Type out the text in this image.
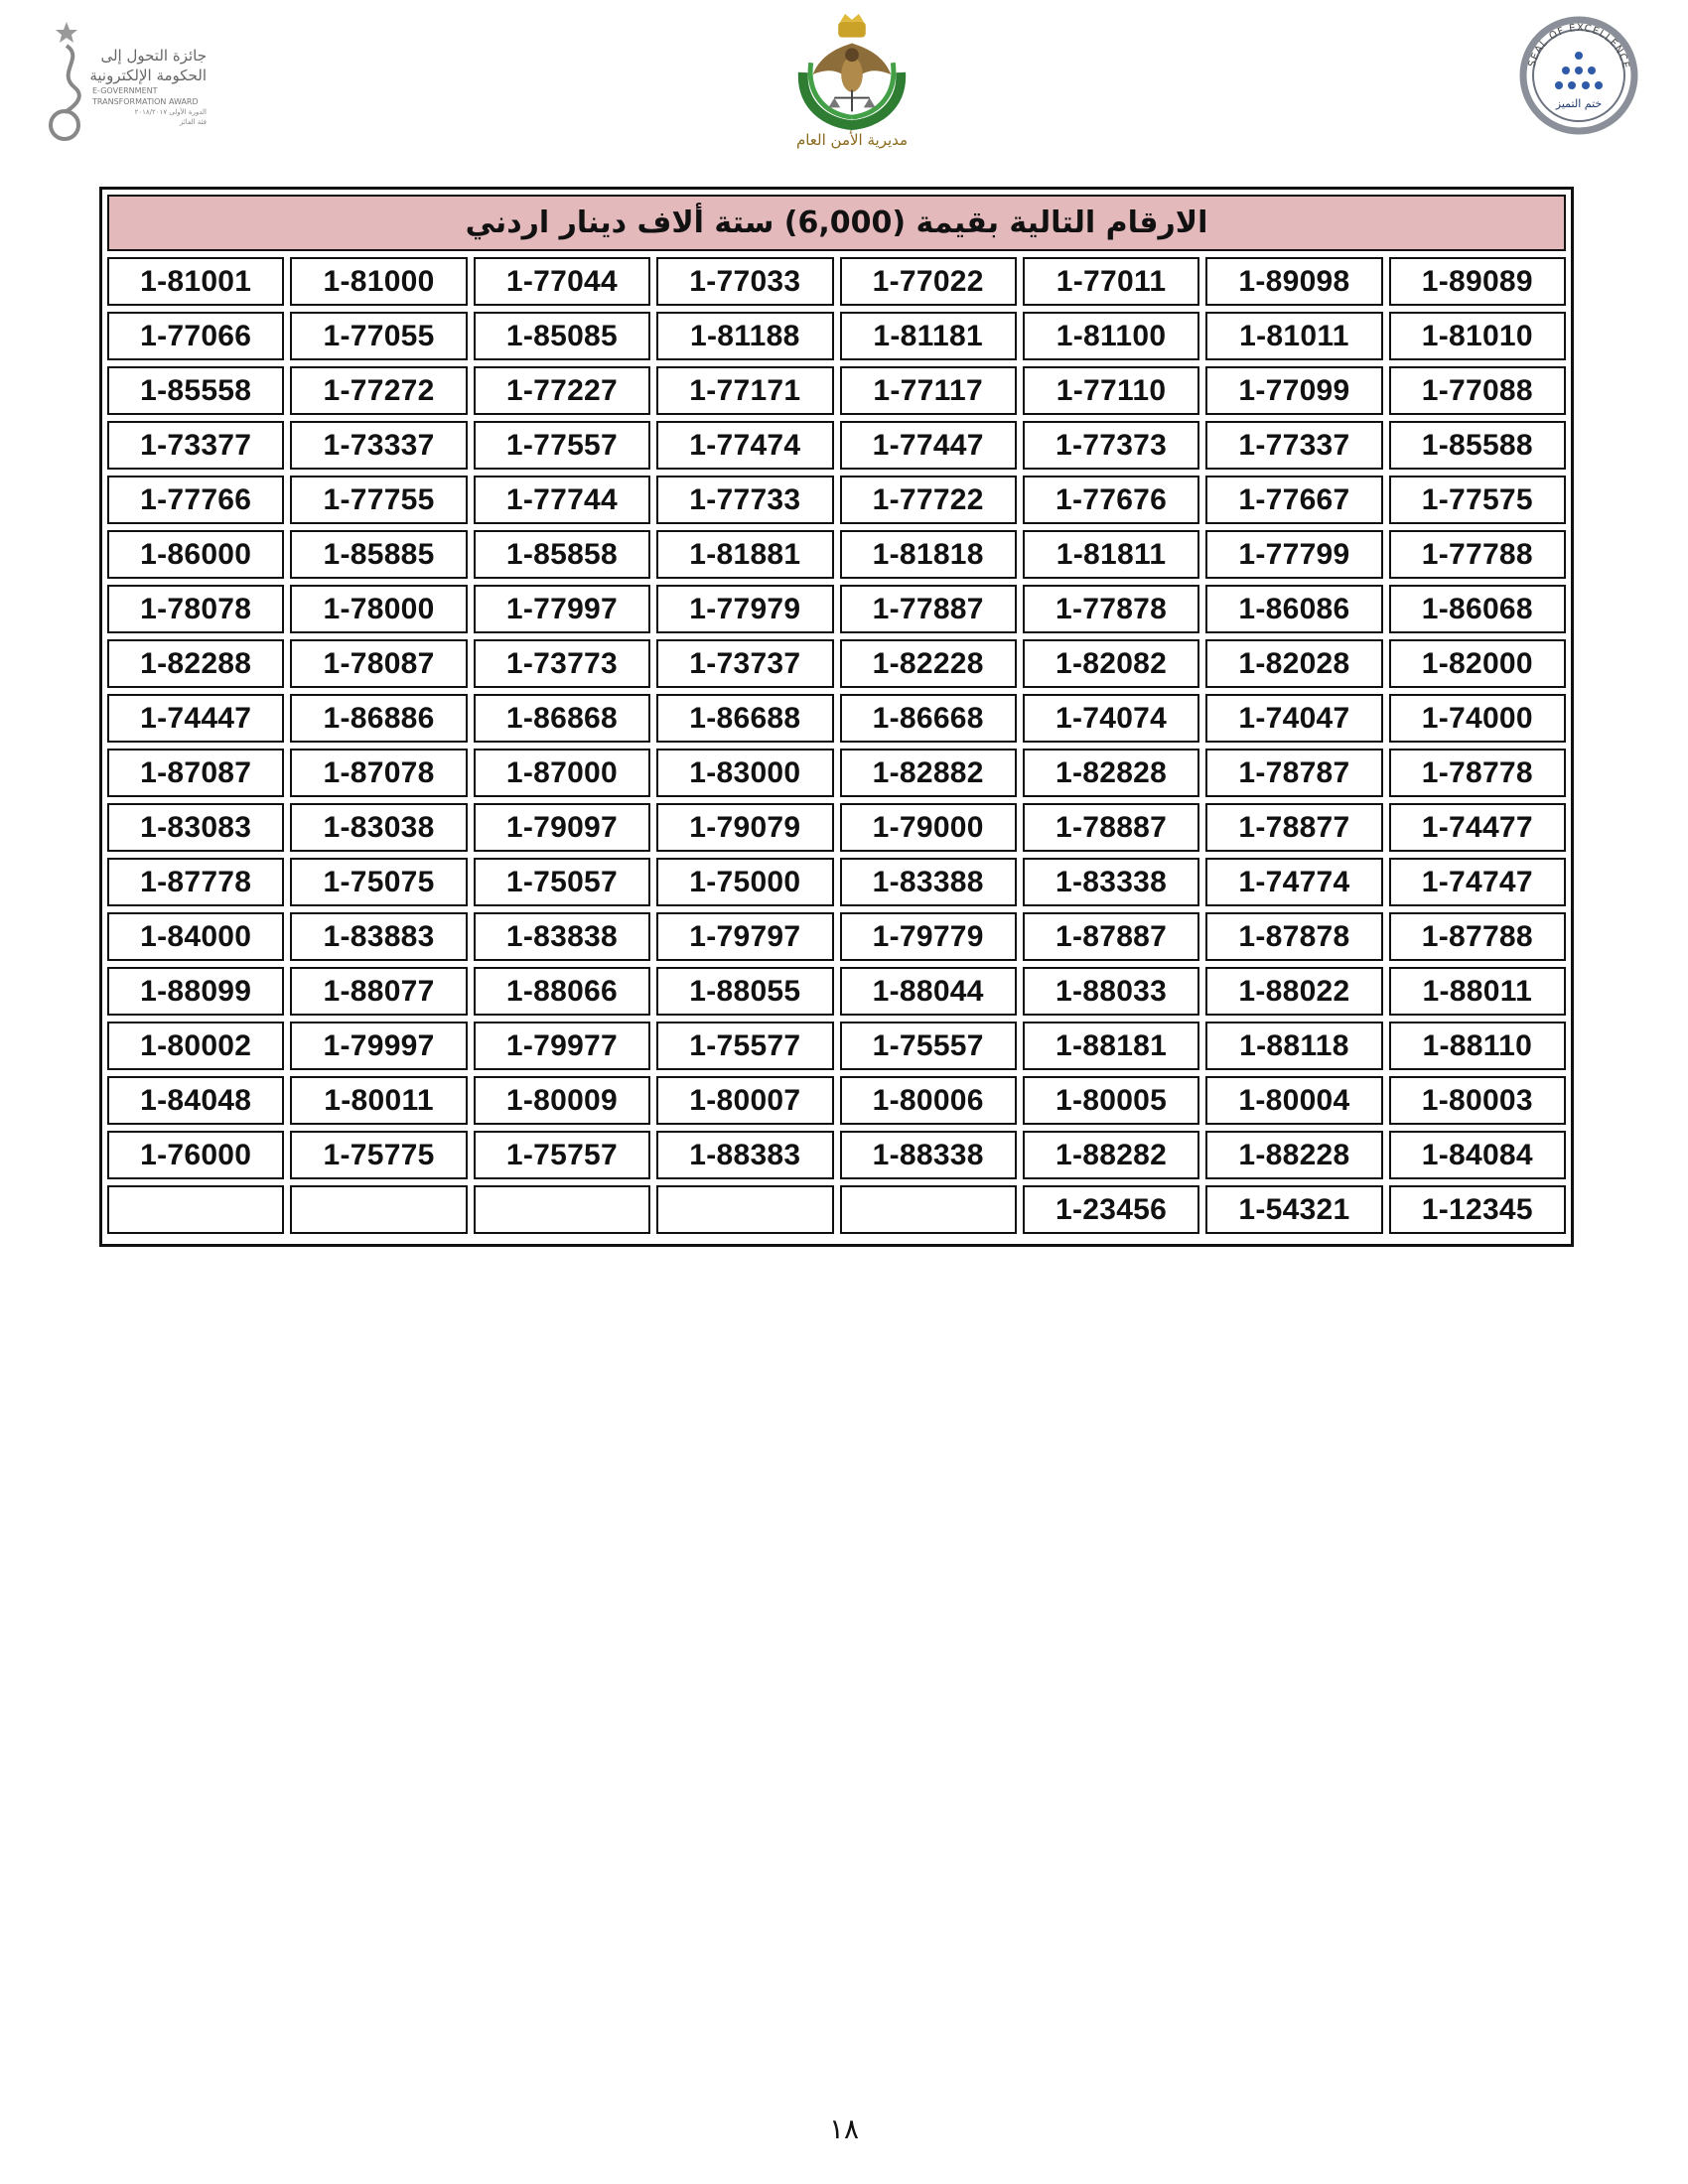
جائزة التحول إلى
الحكومة الإلكترونية
E-GOVERNMENT
TRANSFORMATION AWARD
الدورة الأولى ٢٠١٨/٢٠١٧
فئة الفائز
مديرية الأمن العام
SEAL OF EXCELLENCE
ختم التميز
الارقام التالية بقيمة (6,000) ستة ألاف دينار اردني
1-89089
1-89098
1-77011
1-77022
1-77033
1-77044
1-81000
1-81001
1-81010
1-81011
1-81100
1-81181
1-81188
1-85085
1-77055
1-77066
1-77088
1-77099
1-77110
1-77117
1-77171
1-77227
1-77272
1-85558
1-85588
1-77337
1-77373
1-77447
1-77474
1-77557
1-73337
1-73377
1-77575
1-77667
1-77676
1-77722
1-77733
1-77744
1-77755
1-77766
1-77788
1-77799
1-81811
1-81818
1-81881
1-85858
1-85885
1-86000
1-86068
1-86086
1-77878
1-77887
1-77979
1-77997
1-78000
1-78078
1-82000
1-82028
1-82082
1-82228
1-73737
1-73773
1-78087
1-82288
1-74000
1-74047
1-74074
1-86668
1-86688
1-86868
1-86886
1-74447
1-78778
1-78787
1-82828
1-82882
1-83000
1-87000
1-87078
1-87087
1-74477
1-78877
1-78887
1-79000
1-79079
1-79097
1-83038
1-83083
1-74747
1-74774
1-83338
1-83388
1-75000
1-75057
1-75075
1-87778
1-87788
1-87878
1-87887
1-79779
1-79797
1-83838
1-83883
1-84000
1-88011
1-88022
1-88033
1-88044
1-88055
1-88066
1-88077
1-88099
1-88110
1-88118
1-88181
1-75557
1-75577
1-79977
1-79997
1-80002
1-80003
1-80004
1-80005
1-80006
1-80007
1-80009
1-80011
1-84048
1-84084
1-88228
1-88282
1-88338
1-88383
1-75757
1-75775
1-76000
1-12345
1-54321
1-23456
١٨
